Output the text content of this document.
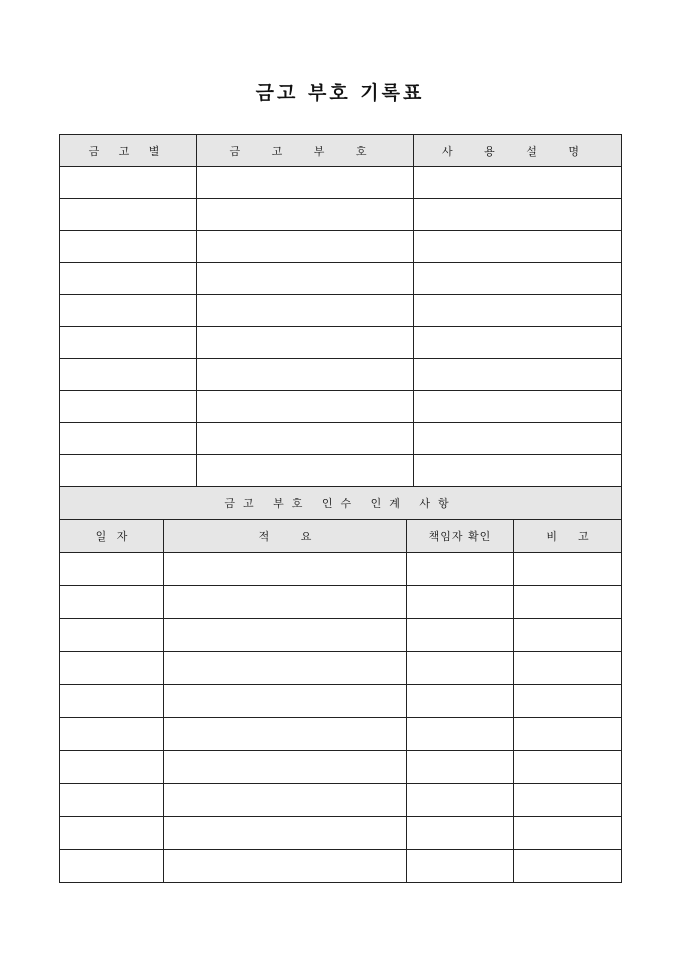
금고 부호 기록표
금 고 별	금 고 부 호	사 용 설 명

금고 부호 인수 인계 사항			
일   자	적         요	책임자 확인	비      고
